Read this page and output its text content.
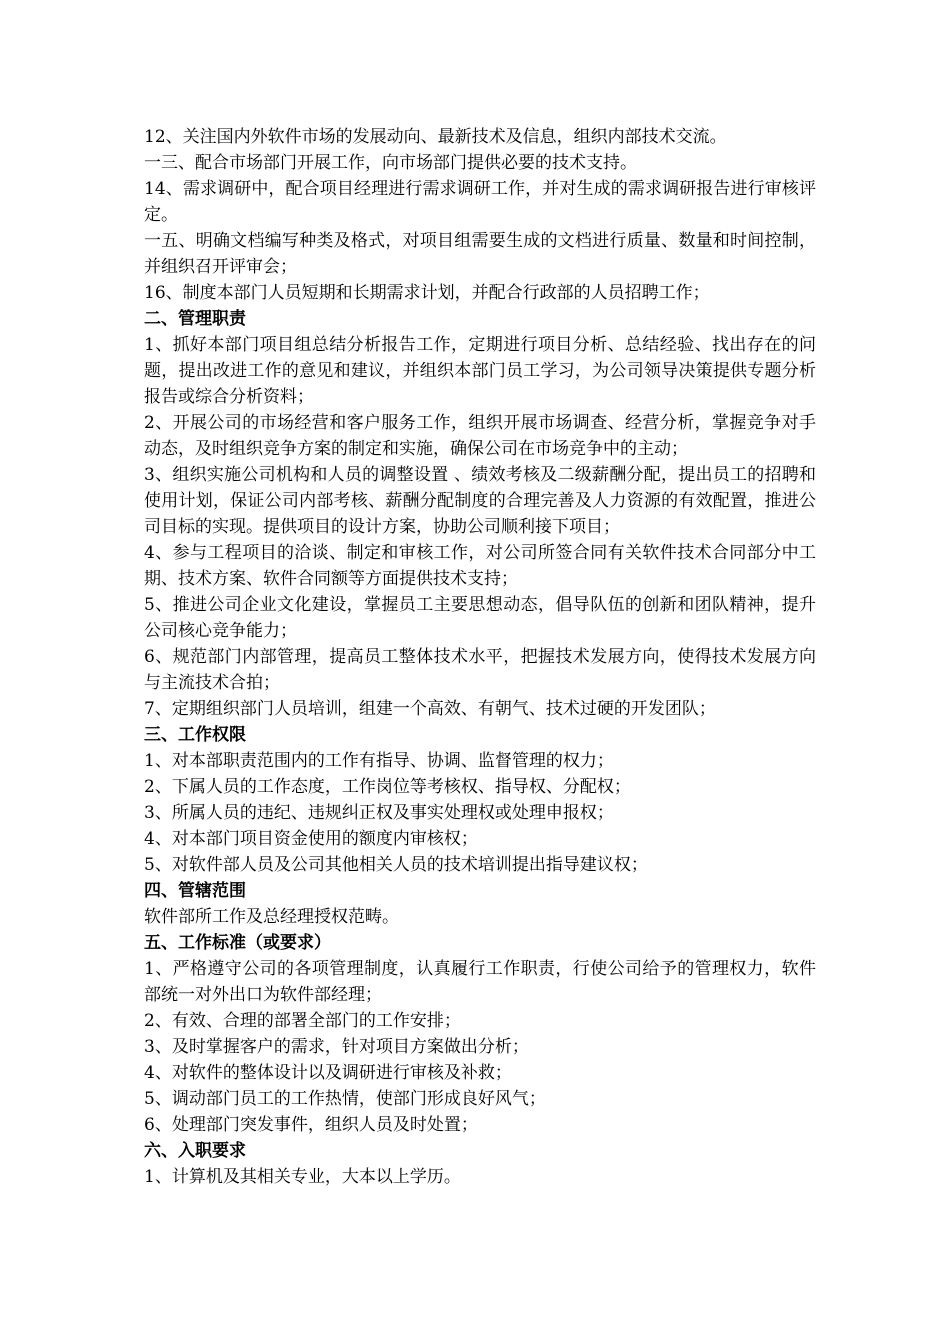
12、关注国内外软件市场的发展动向、最新技术及信息，组织内部技术交流。

一三、配合市场部门开展工作，向市场部门提供必要的技术支持。

14、需求调研中，配合项目经理进行需求调研工作，并对生成的需求调研报告进行审核评定。

一五、明确文档编写种类及格式，对项目组需要生成的文档进行质量、数量和时间控制，并组织召开评审会；

16、制度本部门人员短期和长期需求计划，并配合行政部的人员招聘工作；

二、管理职责

1、抓好本部门项目组总结分析报告工作，定期进行项目分析、总结经验、找出存在的问题，提出改进工作的意见和建议，并组织本部门员工学习，为公司领导决策提供专题分析报告或综合分析资料；

2、开展公司的市场经营和客户服务工作，组织开展市场调查、经营分析，掌握竞争对手动态，及时组织竞争方案的制定和实施，确保公司在市场竞争中的主动；

3、组织实施公司机构和人员的调整设置 、绩效考核及二级薪酬分配，提出员工的招聘和使用计划，保证公司内部考核、薪酬分配制度的合理完善及人力资源的有效配置，推进公司目标的实现。提供项目的设计方案，协助公司顺利接下项目；

4、参与工程项目的洽谈、制定和审核工作，对公司所签合同有关软件技术合同部分中工期、技术方案、软件合同额等方面提供技术支持；

5、推进公司企业文化建设，掌握员工主要思想动态，倡导队伍的创新和团队精神，提升公司核心竞争能力；

6、规范部门内部管理，提高员工整体技术水平，把握技术发展方向，使得技术发展方向与主流技术合拍；

7、定期组织部门人员培训，组建一个高效、有朝气、技术过硬的开发团队；

三、工作权限

1、对本部职责范围内的工作有指导、协调、监督管理的权力；

2、下属人员的工作态度，工作岗位等考核权、指导权、分配权；

3、所属人员的违纪、违规纠正权及事实处理权或处理申报权；

4、对本部门项目资金使用的额度内审核权；

5、对软件部人员及公司其他相关人员的技术培训提出指导建议权；

四、管辖范围

软件部所工作及总经理授权范畴。

五、工作标准（或要求）

1、严格遵守公司的各项管理制度，认真履行工作职责，行使公司给予的管理权力，软件部统一对外出口为软件部经理；

2、有效、合理的部署全部门的工作安排；

3、及时掌握客户的需求，针对项目方案做出分析；

4、对软件的整体设计以及调研进行审核及补救；

5、调动部门员工的工作热情，使部门形成良好风气；

6、处理部门突发事件，组织人员及时处置；

六、入职要求

1、计算机及其相关专业，大本以上学历。
